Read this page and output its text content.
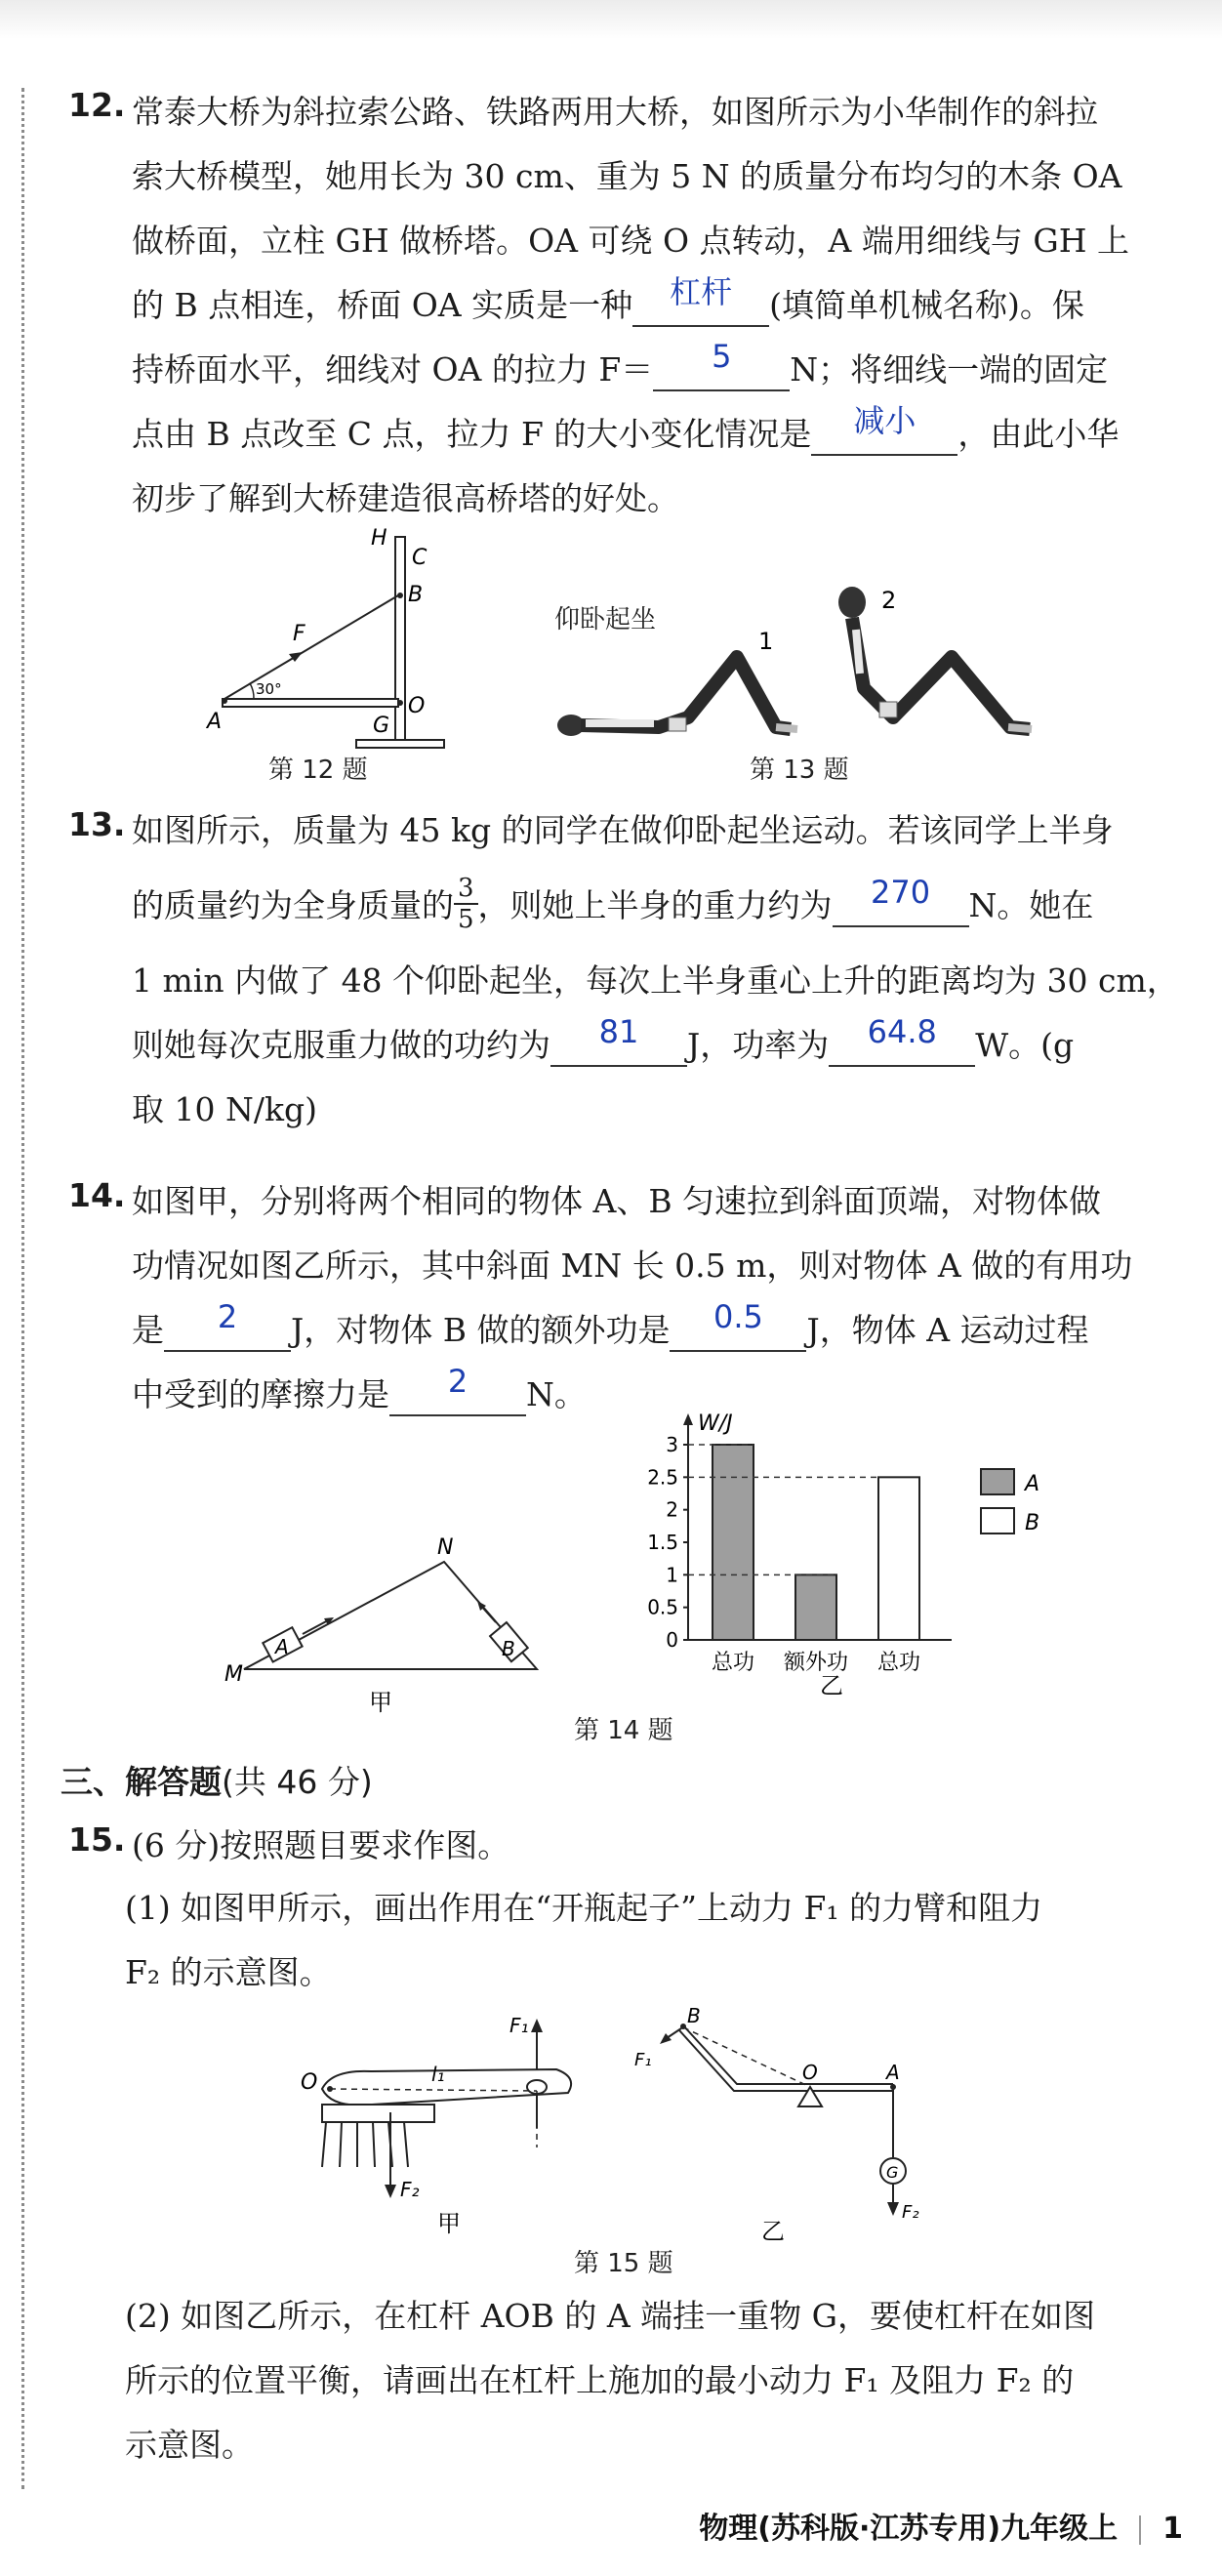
12. 常泰大桥为斜拉索公路、铁路两用大桥，如图所示为小华制作的斜拉
索大桥模型，她用长为 30 cm、重为 5 N 的质量分布均匀的木条 OA
做桥面，立柱 GH 做桥塔。OA 可绕 O 点转动，A 端用细线与 GH 上
的 B 点相连，桥面 OA 实质是一种 杠杆 (填简单机械名称)。保
持桥面水平，细线对 OA 的拉力 F＝ 5 N；将细线一端的固定
点由 B 点改至 C 点，拉力 F 的大小变化情况是 减小 ，由此小华
初步了解到大桥建造很高桥塔的好处。
H
C
B
F
30°
A
O
G
第 12 题
仰卧起坐
1
2
第 13 题
13. 如图所示，质量为 45 kg 的同学在做仰卧起坐运动。若该同学上半身
的质量约为全身质量的 $\frac{3}{5}$ ，则她上半身的重力约为 270 N。她在
1 min 内做了 48 个仰卧起坐，每次上半身重心上升的距离均为 30 cm，
则她每次克服重力做的功约为 81 J，功率为 64.8 W。(g
取 10 N/kg)
14. 如图甲，分别将两个相同的物体 A、B 匀速拉到斜面顶端，对物体做
功情况如图乙所示，其中斜面 MN 长 0.5 m，则对物体 A 做的有用功
是 2 J，对物体 B 做的额外功是 0.5 J，物体 A 运动过程
中受到的摩擦力是 2 N。
M
N
A	B
甲
W/J
0
0.5
1
1.5
2
2.5
3
总功 额外功 总功
A
B
乙
第 14 题
三、解答题(共 46 分)
15. (6 分)按照题目要求作图。
(1) 如图甲所示，画出作用在“开瓶起子”上动力 F₁ 的力臂和阻力
F₂ 的示意图。
F₁
O	l₁
F₂
甲
B
F₁
O	A
G
F₂
乙
第 15 题
(2) 如图乙所示，在杠杆 AOB 的 A 端挂一重物 G，要使杠杆在如图
所示的位置平衡，请画出在杠杆上施加的最小动力 F₁ 及阻力 F₂ 的
示意图。
物理(苏科版·江苏专用)九年级上 1
